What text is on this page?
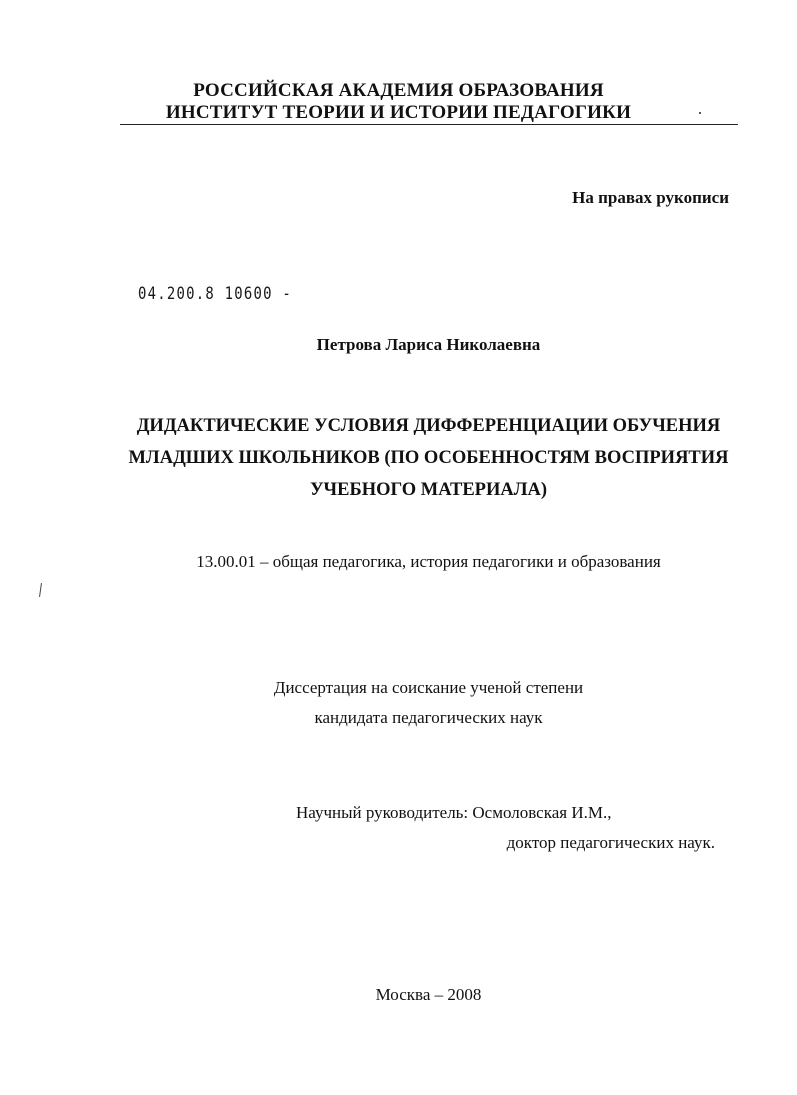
РОССИЙСКАЯ АКАДЕМИЯ ОБРАЗОВАНИЯ
ИНСТИТУТ ТЕОРИИ И ИСТОРИИ ПЕДАГОГИКИ
На правах рукописи
04.200.8 10600 -
Петрова Лариса Николаевна
ДИДАКТИЧЕСКИЕ УСЛОВИЯ ДИФФЕРЕНЦИАЦИИ ОБУЧЕНИЯ
МЛАДШИХ ШКОЛЬНИКОВ (ПО ОСОБЕННОСТЯМ ВОСПРИЯТИЯ
УЧЕБНОГО МАТЕРИАЛА)
13.00.01 – общая педагогика, история педагогики и образования
Диссертация на соискание ученой степени
кандидата педагогических наук
Научный руководитель: Осмоловская И.М.,
доктор педагогических наук.
Москва – 2008
